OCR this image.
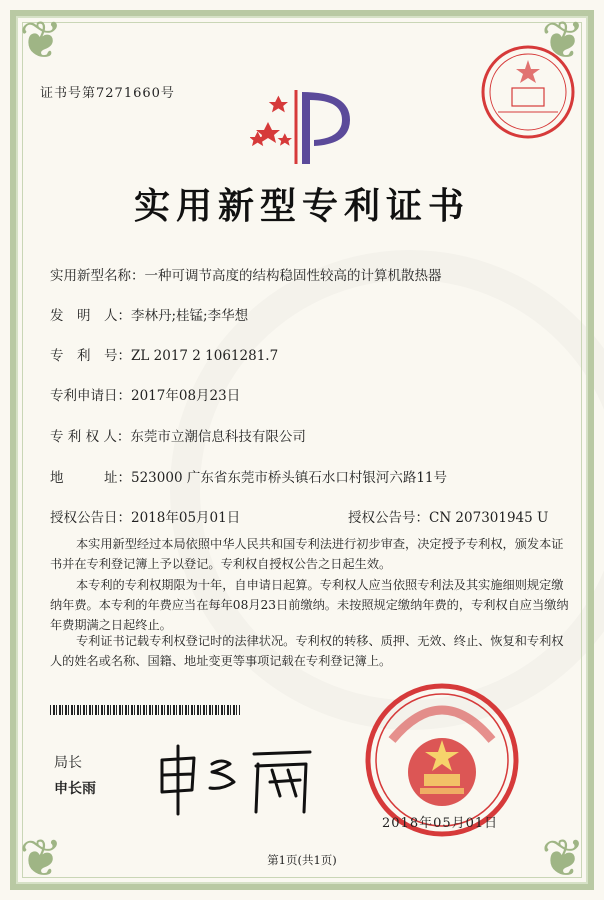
❦	❦
❦	❦
证书号第7271660号
实用新型专利证书
实用新型名称：一种可调节高度的结构稳固性较高的计算机散热器
发　明　人：李林丹;桂锰;李华想
专　利　号：ZL 2017 2 1061281.7
专利申请日：2017年08月23日
专 利 权 人：东莞市立潮信息科技有限公司
地　　　址：523000 广东省东莞市桥头镇石水口村银河六路11号
授权公告日：2018年05月01日	授权公告号：CN 207301945 U
本实用新型经过本局依照中华人民共和国专利法进行初步审查，决定授予专利权，颁发本证书并在专利登记簿上予以登记。专利权自授权公告之日起生效。
本专利的专利权期限为十年，自申请日起算。专利权人应当依照专利法及其实施细则规定缴纳年费。本专利的年费应当在每年08月23日前缴纳。未按照规定缴纳年费的，专利权自应当缴纳年费期满之日起终止。
专利证书记载专利权登记时的法律状况。专利权的转移、质押、无效、终止、恢复和专利权人的姓名或名称、国籍、地址变更等事项记载在专利登记簿上。
局长
申长雨
2018年05月01日
第1页(共1页)
